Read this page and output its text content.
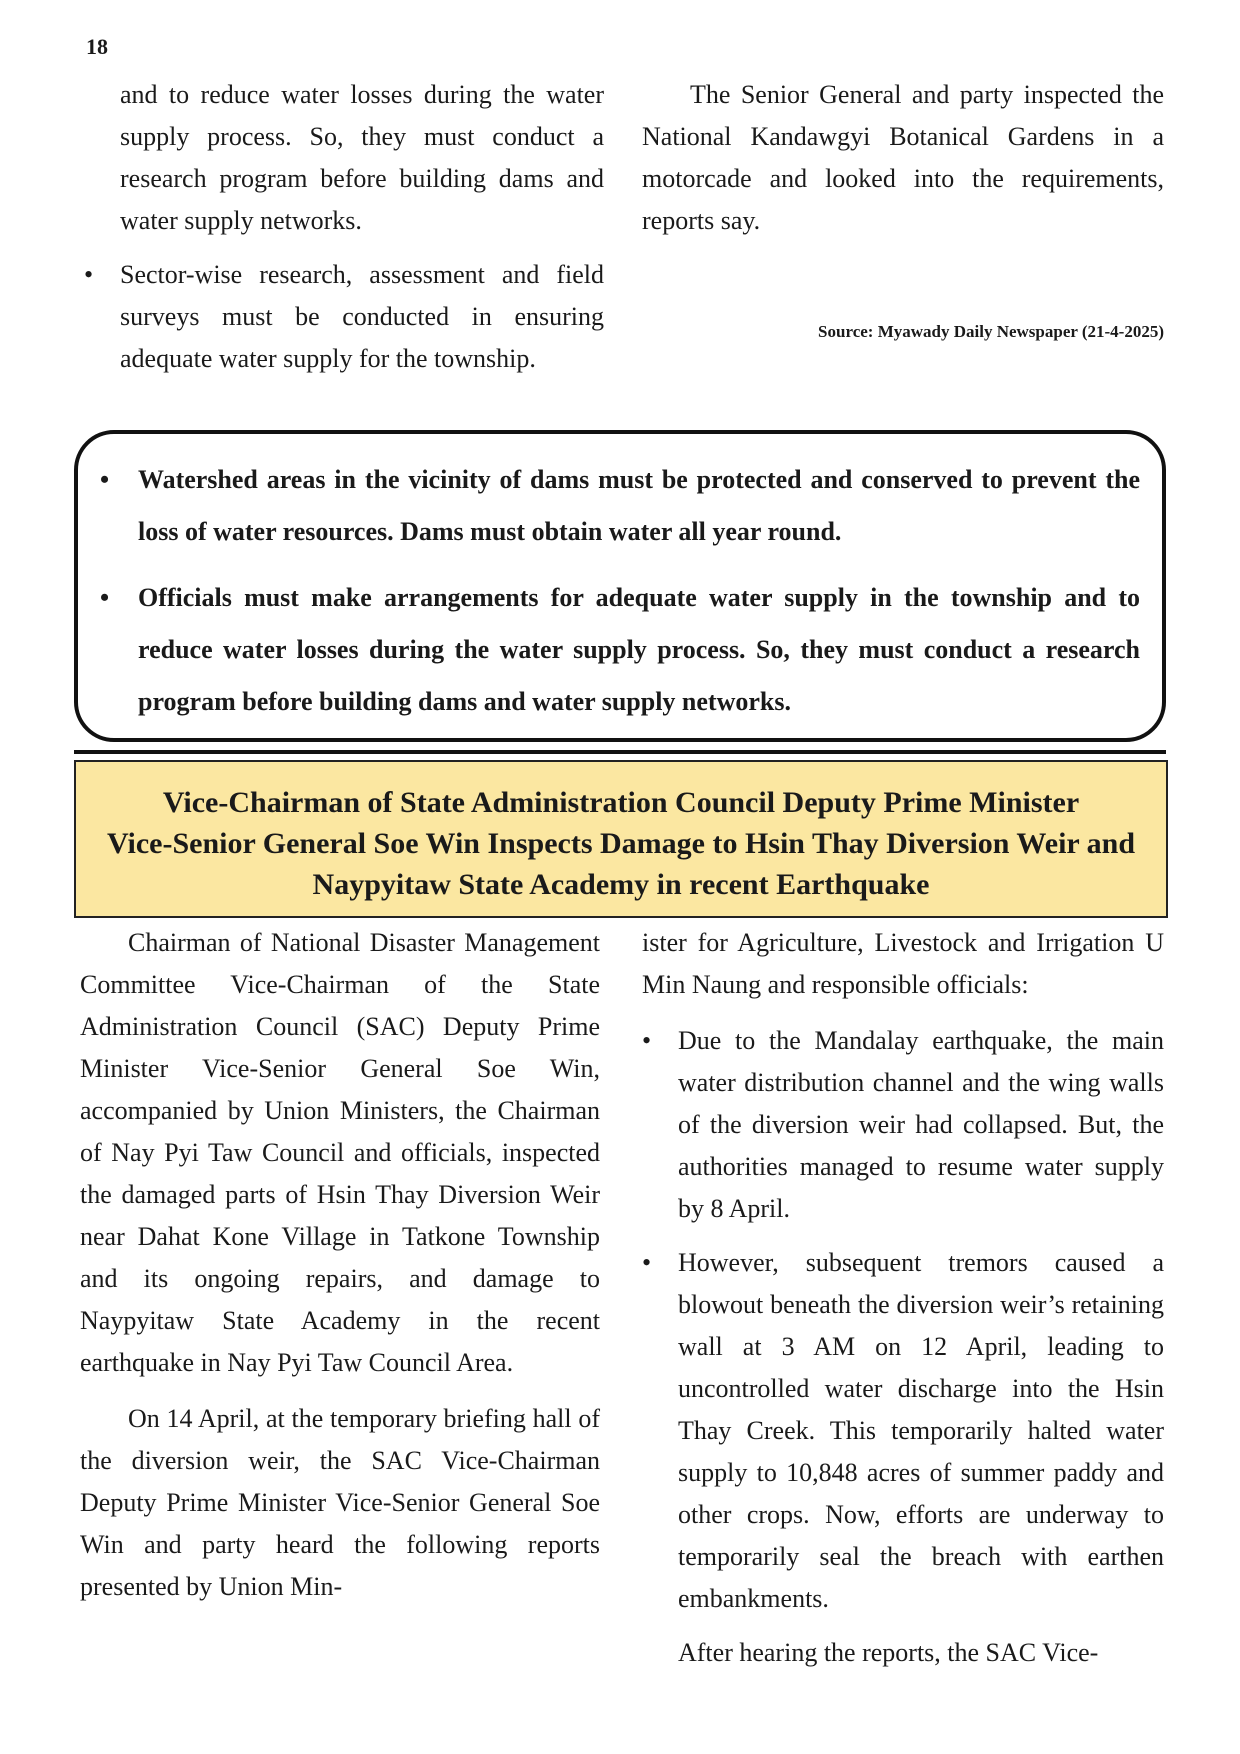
18

and to reduce water losses during the water supply process. So, they must conduct a research program before building dams and water supply networks.

• Sector-wise research, assessment and field surveys must be conducted in ensuring adequate water supply for the township.

The Senior General and party inspected the National Kandawgyi Botanical Gardens in a motorcade and looked into the requirements, reports say.

Source: Myawady Daily Newspaper (21-4-2025)
• Watershed areas in the vicinity of dams must be protected and conserved to prevent the loss of water resources. Dams must obtain water all year round.
• Officials must make arrangements for adequate water supply in the township and to reduce water losses during the water supply process. So, they must conduct a research program before building dams and water supply networks.
Vice-Chairman of State Administration Council Deputy Prime Minister
Vice-Senior General Soe Win Inspects Damage to Hsin Thay Diversion Weir and
Naypyitaw State Academy in recent Earthquake

Chairman of National Disaster Management Committee Vice-Chairman of the State Administration Council (SAC) Deputy Prime Minister Vice-Senior General Soe Win, accompanied by Union Ministers, the Chairman of Nay Pyi Taw Council and officials, inspected the damaged parts of Hsin Thay Diversion Weir near Dahat Kone Village in Tatkone Township and its ongoing repairs, and damage to Naypyitaw State Academy in the recent earthquake in Nay Pyi Taw Council Area.

On 14 April, at the temporary briefing hall of the diversion weir, the SAC Vice-Chairman Deputy Prime Minister Vice-Senior General Soe Win and party heard the following reports presented by Union Min-

ister for Agriculture, Livestock and Irrigation U Min Naung and responsible officials:

• Due to the Mandalay earthquake, the main water distribution channel and the wing walls of the diversion weir had collapsed. But, the authorities managed to resume water supply by 8 April.
• However, subsequent tremors caused a blowout beneath the diversion weir’s retaining wall at 3 AM on 12 April, leading to uncontrolled water discharge into the Hsin Thay Creek. This temporarily halted water supply to 10,848 acres of summer paddy and other crops. Now, efforts are underway to temporarily seal the breach with earthen embankments.

After hearing the reports, the SAC Vice-
